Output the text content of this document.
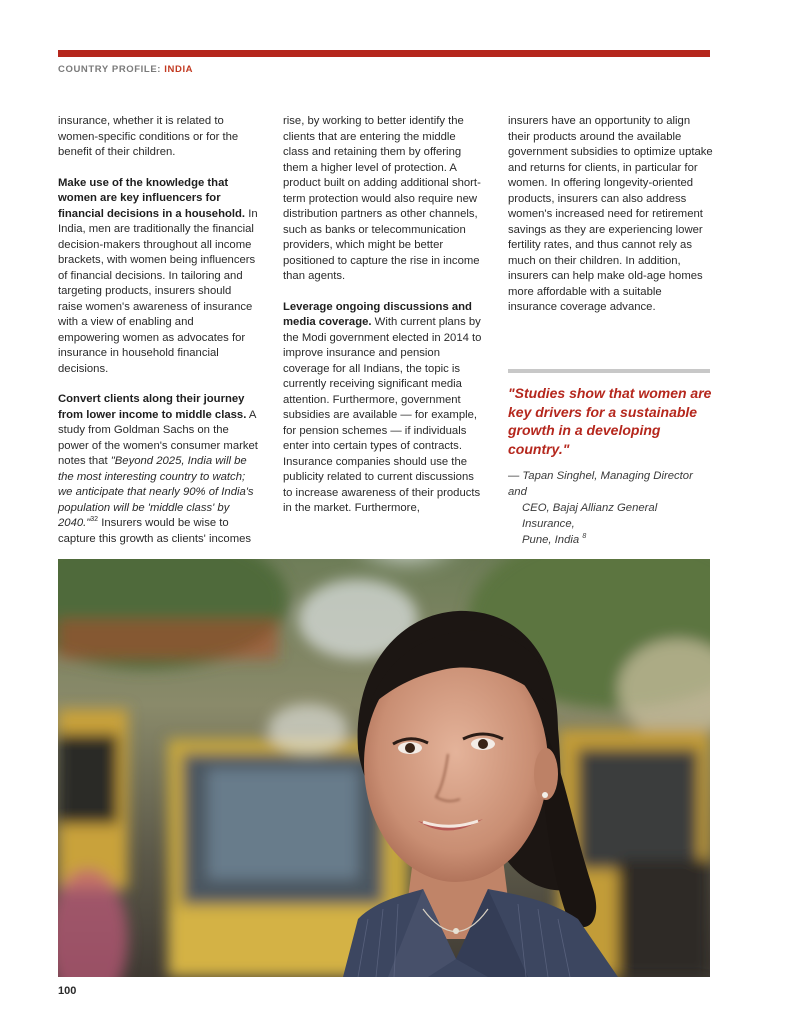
COUNTRY PROFILE: INDIA

insurance, whether it is related to women-specific conditions or for the benefit of their children.

Make use of the knowledge that women are key influencers for financial decisions in a household. In India, men are traditionally the financial decision-makers throughout all income brackets, with women being influencers of financial decisions. In tailoring and targeting products, insurers should raise women's awareness of insurance with a view of enabling and empowering women as advocates for insurance in household financial decisions.

Convert clients along their journey from lower income to middle class. A study from Goldman Sachs on the power of the women's consumer market notes that "Beyond 2025, India will be the most interesting country to watch; we anticipate that nearly 90% of India's population will be 'middle class' by 2040."$^{32}$ Insurers would be wise to capture this growth as clients' incomes

rise, by working to better identify the clients that are entering the middle class and retaining them by offering them a higher level of protection. A product built on adding additional short-term protection would also require new distribution partners as other channels, such as banks or telecommunication providers, which might be better positioned to capture the rise in income than agents.

Leverage ongoing discussions and media coverage. With current plans by the Modi government elected in 2014 to improve insurance and pension coverage for all Indians, the topic is currently receiving significant media attention. Furthermore, government subsidies are available — for example, for pension schemes — if individuals enter into certain types of contracts. Insurance companies should use the publicity related to current discussions to increase awareness of their products in the market. Furthermore,

insurers have an opportunity to align their products around the available government subsidies to optimize uptake and returns for clients, in particular for women. In offering longevity-oriented products, insurers can also address women's increased need for retirement savings as they are experiencing lower fertility rates, and thus cannot rely as much on their children. In addition, insurers can help make old-age homes more affordable with a suitable insurance coverage advance.

"Studies show that women are key drivers for a sustainable growth in a developing country."
— Tapan Singhel, Managing Director and
CEO, Bajaj Allianz General Insurance,
Pune, India $^8$
100
